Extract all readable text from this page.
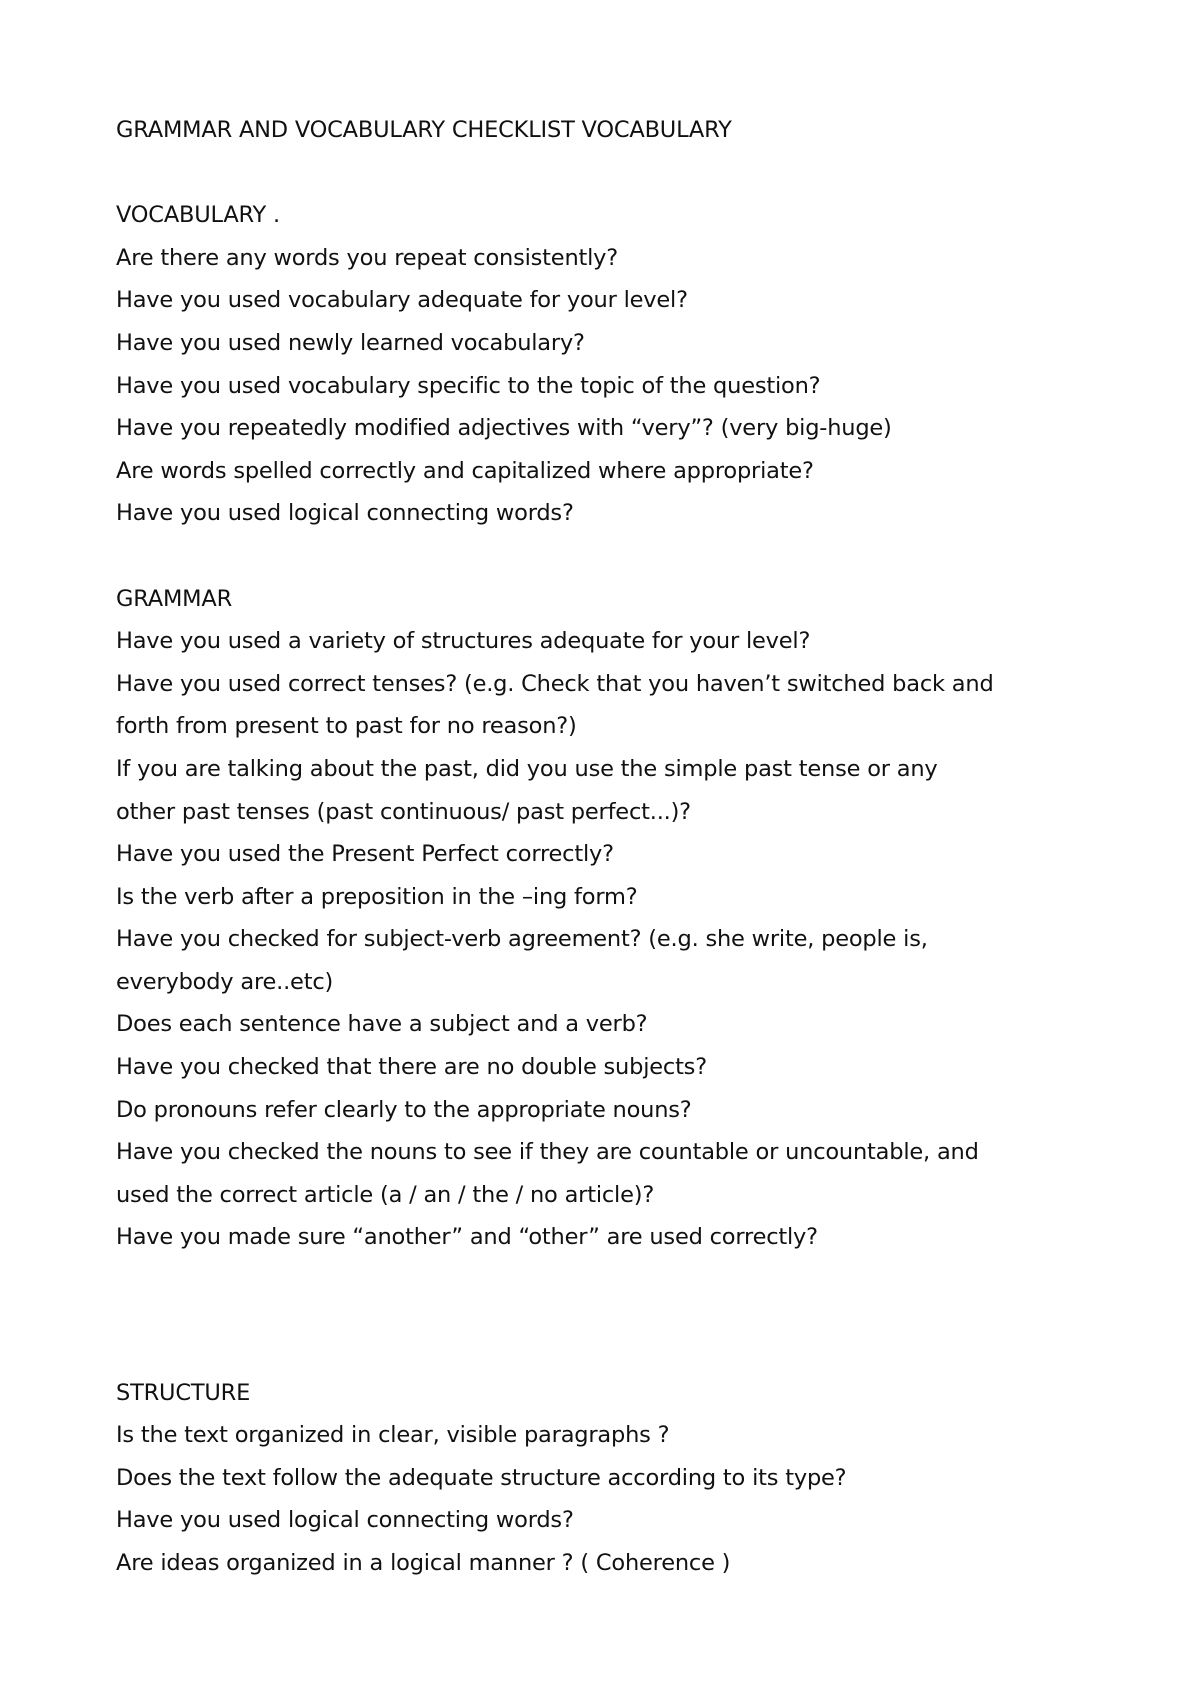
GRAMMAR AND VOCABULARY CHECKLIST VOCABULARY
VOCABULARY .
Are there any words you repeat consistently?
Have you used vocabulary adequate for your level?
Have you used newly learned vocabulary?
Have you used vocabulary specific to the topic of the question?
Have you repeatedly modified adjectives with “very”? (very big-huge)
Are words spelled correctly and capitalized where appropriate?
Have you used logical connecting words?
GRAMMAR
Have you used a variety of structures adequate for your level?
Have you used correct tenses? (e.g. Check that you haven’t switched back and
forth from present to past for no reason?)
If you are talking about the past, did you use the simple past tense or any
other past tenses (past continuous/ past perfect...)?
Have you used the Present Perfect correctly?
Is the verb after a preposition in the –ing form?
Have you checked for subject-verb agreement? (e.g. she write, people is,
everybody are..etc)
Does each sentence have a subject and a verb?
Have you checked that there are no double subjects?
Do pronouns refer clearly to the appropriate nouns?
Have you checked the nouns to see if they are countable or uncountable, and
used the correct article (a / an / the / no article)?
Have you made sure “another” and “other” are used correctly?
STRUCTURE
Is the text organized in clear, visible paragraphs ?
Does the text follow the adequate structure according to its type?
Have you used logical connecting words?
Are ideas organized in a logical manner ? ( Coherence )
